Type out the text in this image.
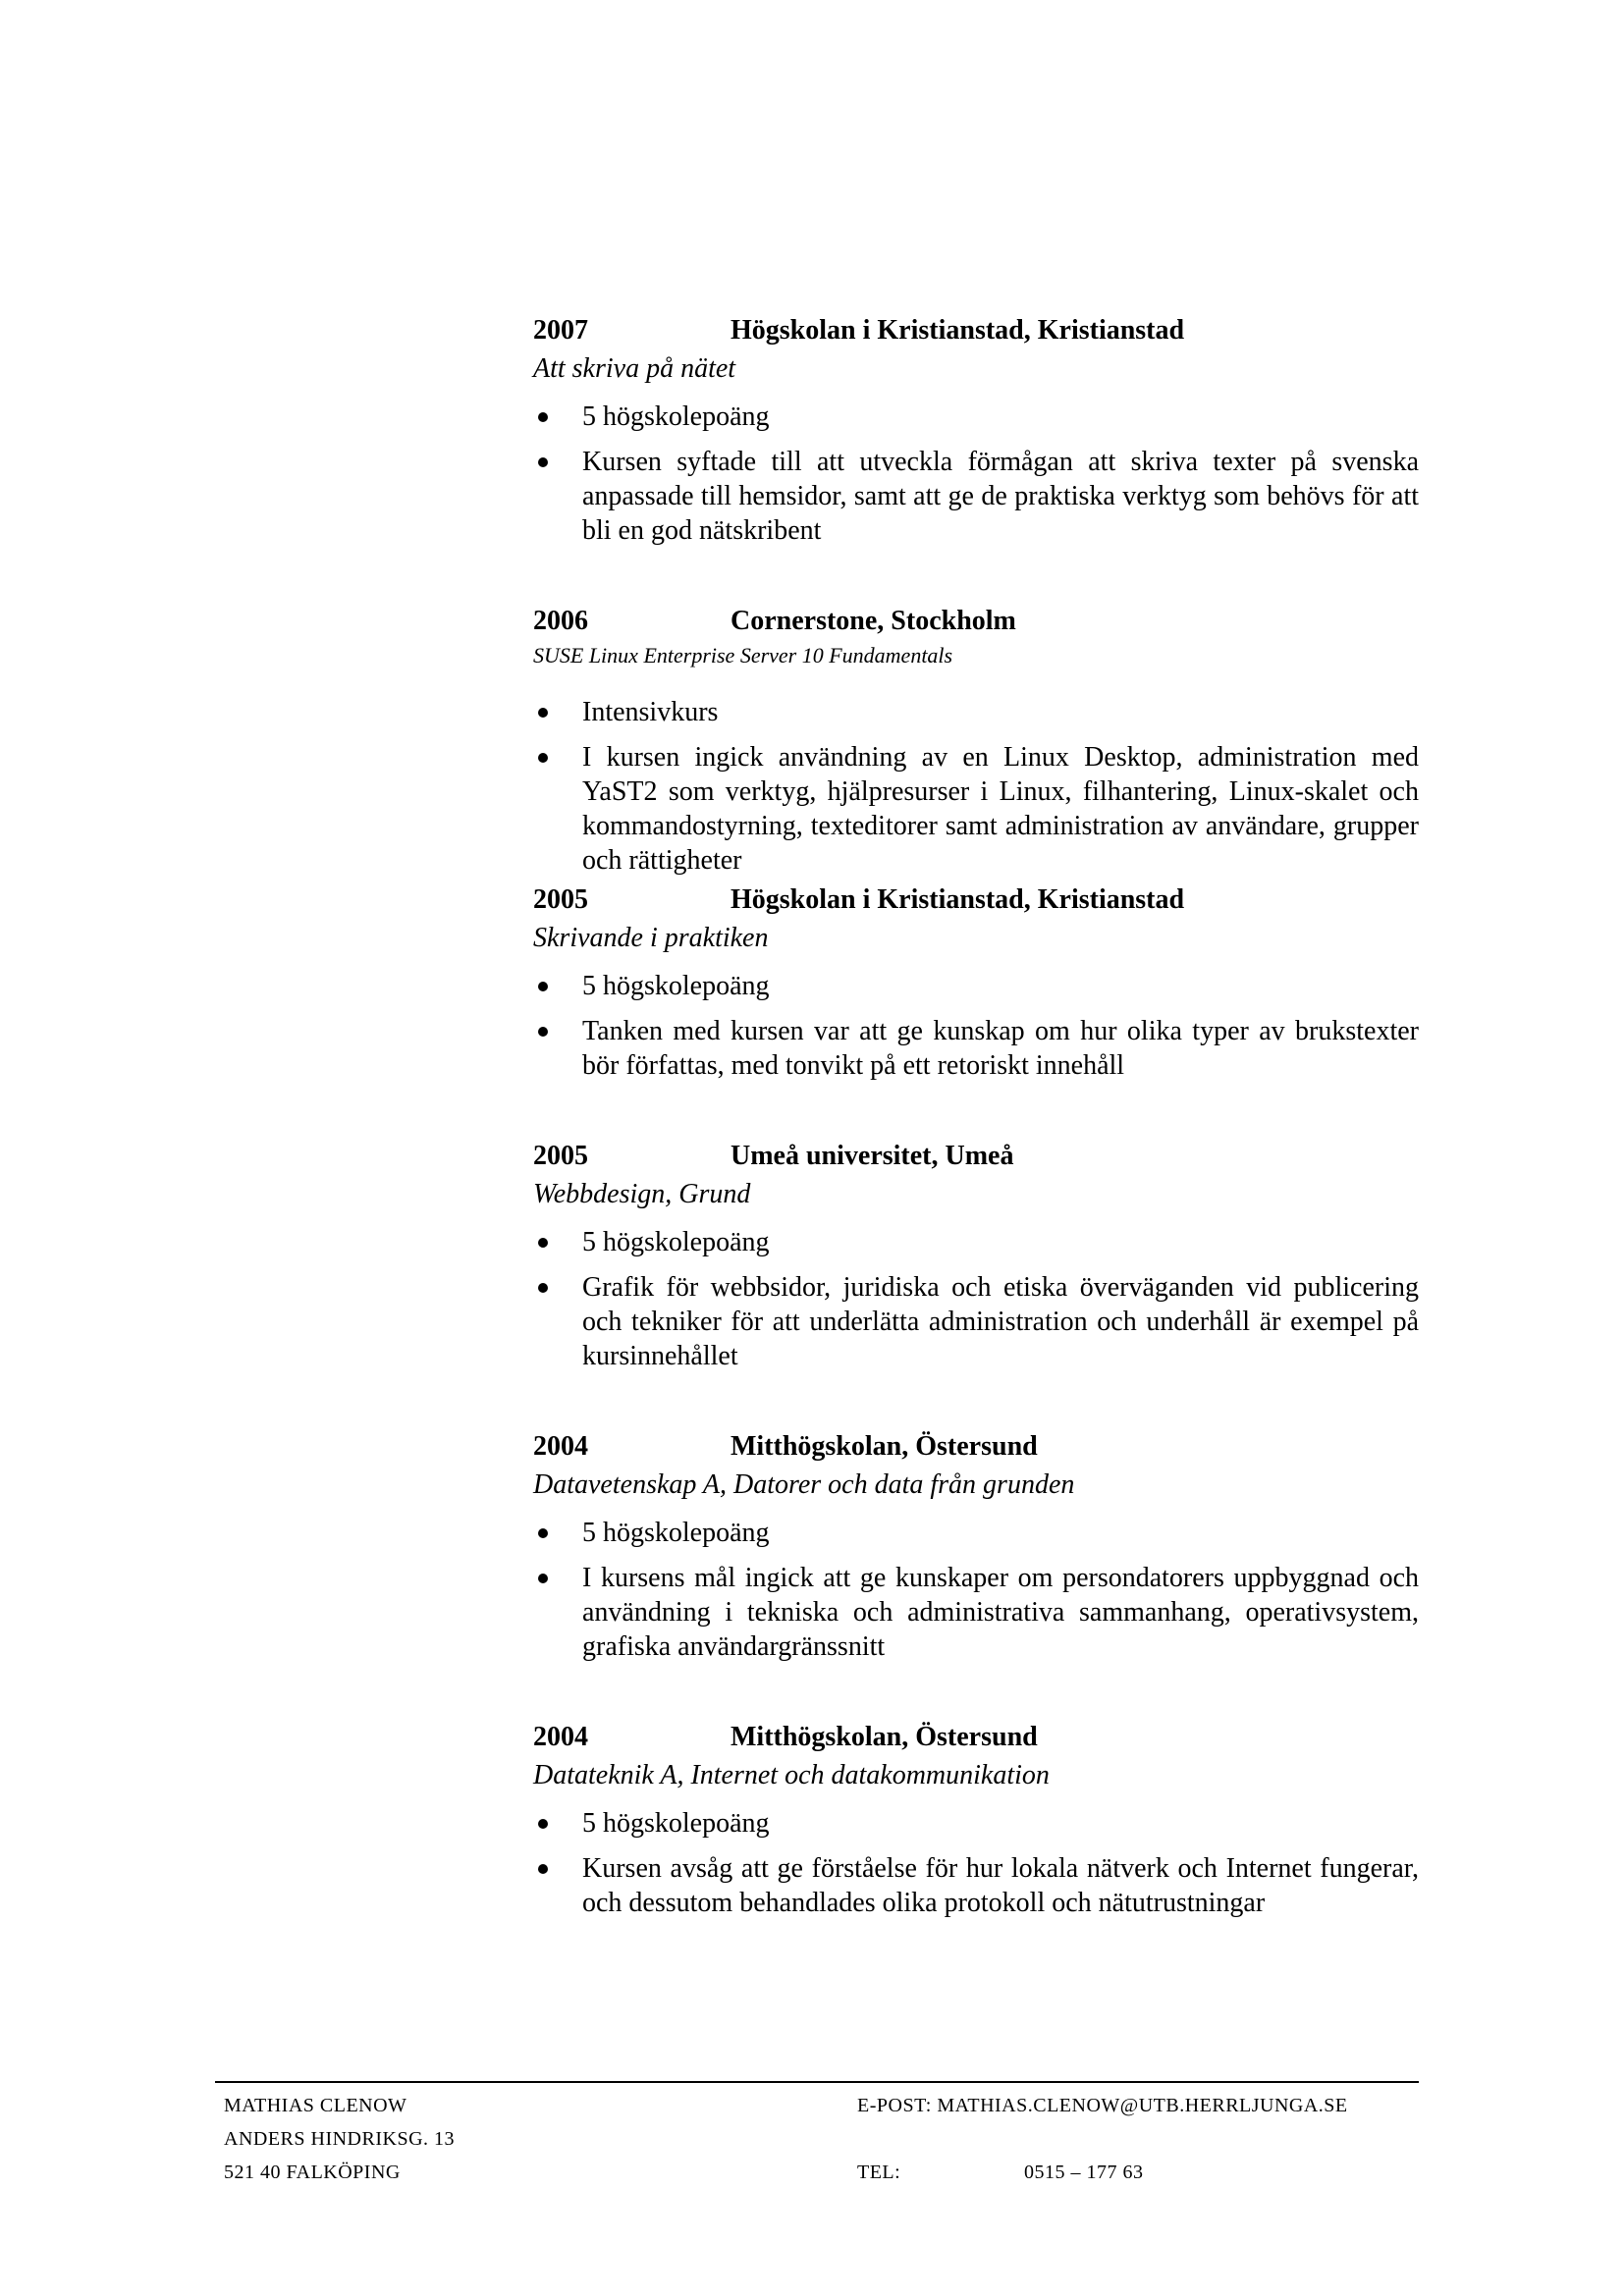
2007	Högskolan i Kristianstad, Kristianstad
Att skriva på nätet
5 högskolepoäng
Kursen syftade till att utveckla förmågan att skriva texter på svenska anpassade till hemsidor, samt att ge de praktiska verktyg som behövs för att bli en god nätskribent
2006	Cornerstone, Stockholm
SUSE Linux Enterprise Server 10 Fundamentals
Intensivkurs
I kursen ingick användning av en Linux Desktop, administration med YaST2 som verktyg, hjälpresurser i Linux, filhantering, Linux-skalet och kommandostyrning, texteditorer samt administration av användare, grupper och rättigheter
2005	Högskolan i Kristianstad, Kristianstad
Skrivande i praktiken
5 högskolepoäng
Tanken med kursen var att ge kunskap om hur olika typer av brukstexter bör författas, med tonvikt på ett retoriskt innehåll
2005	Umeå universitet, Umeå
Webbdesign, Grund
5 högskolepoäng
Grafik för webbsidor, juridiska och etiska överväganden vid publicering och tekniker för att underlätta administration och underhåll är exempel på kursinnehållet
2004	Mitthögskolan, Östersund
Datavetenskap A, Datorer och data från grunden
5 högskolepoäng
I kursens mål ingick att ge kunskaper om persondatorers uppbyggnad och användning i tekniska och administrativa sammanhang, operativsystem, grafiska användargränssnitt
2004	Mitthögskolan, Östersund
Datateknik A, Internet och datakommunikation
5 högskolepoäng
Kursen avsåg att ge förståelse för hur lokala nätverk och Internet fungerar, och dessutom behandlades olika protokoll och nätutrustningar
MATHIAS CLENOW
ANDERS HINDRIKSG. 13
521 40 FALKÖPING
E-POST: MATHIAS.CLENOW@UTB.HERRLJUNGA.SE

TEL:	0515 – 177 63
